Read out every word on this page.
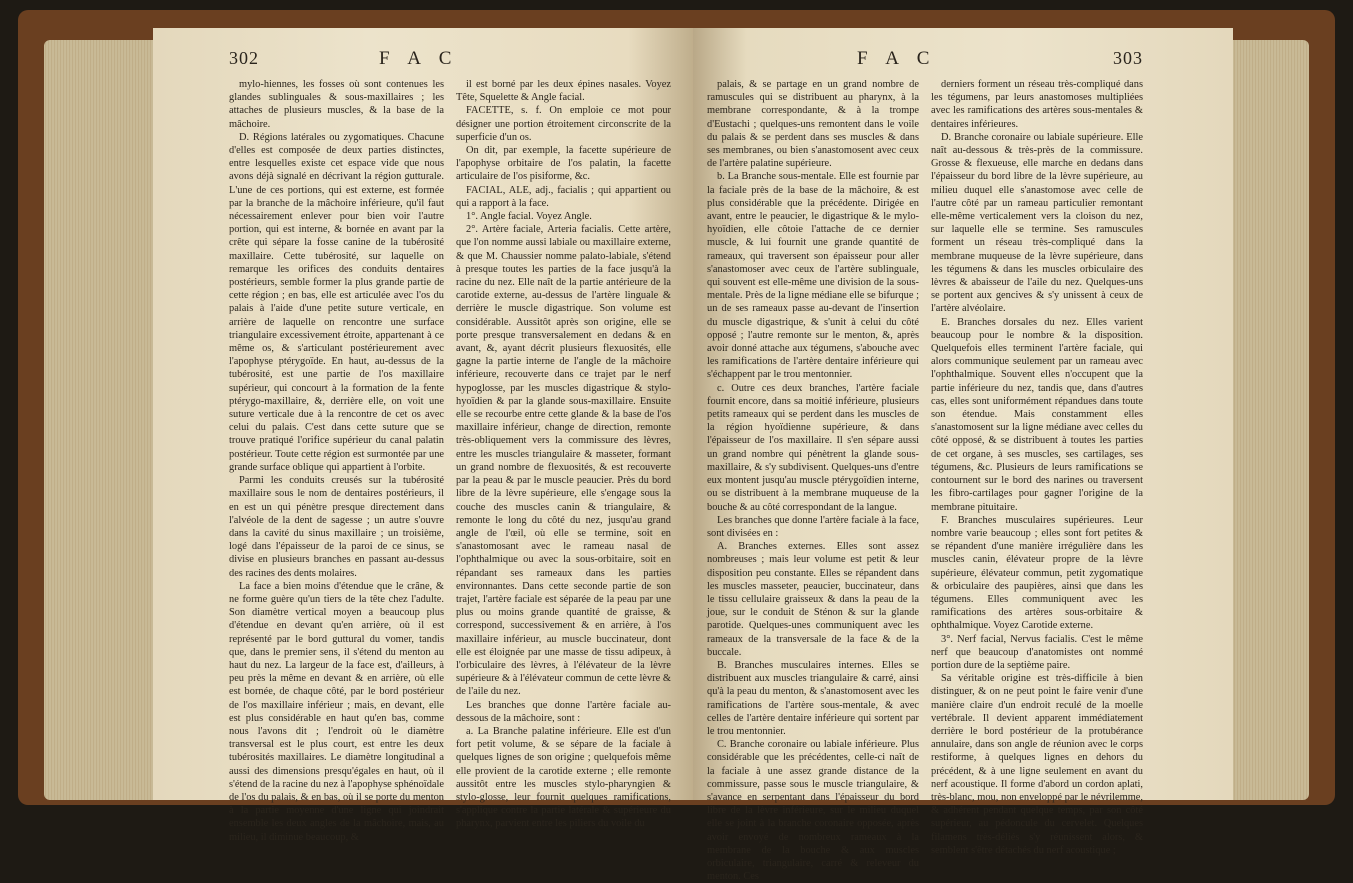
302	F A C

mylo-hiennes, les fosses où sont contenues les glandes sublinguales & sous-maxillaires ; les attaches de plusieurs muscles, & la base de la mâchoire.

D. Régions latérales ou zygomatiques. Chacune d'elles est composée de deux parties distinctes, entre lesquelles existe cet espace vide que nous avons déjà signalé en décrivant la région gutturale. L'une de ces portions, qui est externe, est formée par la branche de la mâchoire inférieure, qu'il faut nécessairement enlever pour bien voir l'autre portion, qui est interne, & bornée en avant par la crête qui sépare la fosse canine de la tubérosité maxillaire. Cette tubérosité, sur laquelle on remarque les orifices des conduits dentaires postérieurs, semble former la plus grande partie de cette région ; en bas, elle est articulée avec l'os du palais à l'aide d'une petite suture verticale, en arrière de laquelle on rencontre une surface triangulaire excessivement étroite, appartenant à ce même os, & s'articulant postérieurement avec l'apophyse ptérygoïde. En haut, au-dessus de la tubérosité, est une partie de l'os maxillaire supérieur, qui concourt à la formation de la fente ptérygo-maxillaire, &, derrière elle, on voit une suture verticale due à la rencontre de cet os avec celui du palais. C'est dans cette suture que se trouve pratiqué l'orifice supérieur du canal palatin postérieur. Toute cette région est surmontée par une grande surface oblique qui appartient à l'orbite.

Parmi les conduits creusés sur la tubérosité maxillaire sous le nom de dentaires postérieurs, il en est un qui pénètre presque directement dans l'alvéole de la dent de sagesse ; un autre s'ouvre dans la cavité du sinus maxillaire ; un troisième, logé dans l'épaisseur de la paroi de ce sinus, se divise en plusieurs branches en passant au-dessus des racines des dents molaires.

La face a bien moins d'étendue que le crâne, & ne forme guère qu'un tiers de la tête chez l'adulte. Son diamètre vertical moyen a beaucoup plus d'étendue en devant qu'en arrière, où il est représenté par le bord guttural du vomer, tandis que, dans le premier sens, il s'étend du menton au haut du nez. La largeur de la face est, d'ailleurs, à peu près la même en devant & en arrière, où elle est bornée, de chaque côté, par le bord postérieur de l'os maxillaire inférieur ; mais, en devant, elle est plus considérable en haut qu'en bas, comme nous l'avons dit ; l'endroit où le diamètre transversal est le plus court, est entre les deux tubérosités maxillaires. Le diamètre longitudinal a aussi des dimensions presqu'égales en haut, où il s'étend de la racine du nez à l'apophyse sphénoïdale de l'os du palais, & en bas, où il se porte du menton à la partie moyenne d'une ligne qui joindrait ensemble les deux angles de la mâchoire, mais, au milieu, il diminue beaucoup, &

il est borné par les deux épines nasales. Voyez Tête, Squelette & Angle facial.

FACETTE, s. f. On emploie ce mot pour désigner une portion étroitement circonscrite de la superficie d'un os.

On dit, par exemple, la facette supérieure de l'apophyse orbitaire de l'os palatin, la facette articulaire de l'os pisiforme, &c.

FACIAL, ALE, adj., facialis ; qui appartient ou qui a rapport à la face.

1°. Angle facial. Voyez Angle.

2°. Artère faciale, Arteria facialis. Cette artère, que l'on nomme aussi labiale ou maxillaire externe, & que M. Chaussier nomme palato-labiale, s'étend à presque toutes les parties de la face jusqu'à la racine du nez. Elle naît de la partie antérieure de la carotide externe, au-dessus de l'artère linguale & derrière le muscle digastrique. Son volume est considérable. Aussitôt après son origine, elle se porte presque transversalement en dedans & en avant, &, ayant décrit plusieurs flexuosités, elle gagne la partie interne de l'angle de la mâchoire inférieure, recouverte dans ce trajet par le nerf hypoglosse, par les muscles digastrique & stylo-hyoïdien & par la glande sous-maxillaire. Ensuite elle se recourbe entre cette glande & la base de l'os maxillaire inférieur, change de direction, remonte très-obliquement vers la commissure des lèvres, entre les muscles triangulaire & masseter, formant un grand nombre de flexuosités, & est recouverte par la peau & par le muscle peaucier. Près du bord libre de la lèvre supérieure, elle s'engage sous la couche des muscles canin & triangulaire, & remonte le long du côté du nez, jusqu'au grand angle de l'œil, où elle se termine, soit en s'anastomosant avec le rameau nasal de l'ophthalmique ou avec la sous-orbitaire, soit en répandant ses rameaux dans les parties environnantes. Dans cette seconde partie de son trajet, l'artère faciale est séparée de la peau par une plus ou moins grande quantité de graisse, & correspond, successivement & en arrière, à l'os maxillaire inférieur, au muscle buccinateur, dont elle est éloignée par une masse de tissu adipeux, à l'orbiculaire des lèvres, à l'élévateur de la lèvre supérieure & à l'élévateur commun de cette lèvre & de l'aile du nez.

Les branches que donne l'artère faciale au-dessous de la mâchoire, sont :

a. La Branche palatine inférieure. Elle est d'un fort petit volume, & se sépare de la faciale à quelques lignes de son origine ; quelquefois même elle provient de la carotide externe ; elle remonte aussitôt entre les muscles stylo-pharyngien & stylo-glosse, leur fournit quelques ramifications, s'applique contre la partie latérale & supérieure du pharynx, parvient entre les piliers du voile du

F A C	303

palais, & se partage en un grand nombre de ramuscules qui se distribuent au pharynx, à la membrane correspondante, & à la trompe d'Eustachi ; quelques-uns remontent dans le voile du palais & se perdent dans ses muscles & dans ses membranes, ou bien s'anastomosent avec ceux de l'artère palatine supérieure.

b. La Branche sous-mentale. Elle est fournie par la faciale près de la base de la mâchoire, & est plus considérable que la précédente. Dirigée en avant, entre le peaucier, le digastrique & le mylo-hyoïdien, elle côtoie l'attache de ce dernier muscle, & lui fournit une grande quantité de rameaux, qui traversent son épaisseur pour aller s'anastomoser avec ceux de l'artère sublinguale, qui souvent est elle-même une division de la sous-mentale. Près de la ligne médiane elle se bifurque ; un de ses rameaux passe au-devant de l'insertion du muscle digastrique, & s'unit à celui du côté opposé ; l'autre remonte sur le menton, &, après avoir donné attache aux tégumens, s'abouche avec les ramifications de l'artère dentaire inférieure qui s'échappent par le trou mentonnier.

c. Outre ces deux branches, l'artère faciale fournit encore, dans sa moitié inférieure, plusieurs petits rameaux qui se perdent dans les muscles de la région hyoïdienne supérieure, & dans l'épaisseur de l'os maxillaire. Il s'en sépare aussi un grand nombre qui pénètrent la glande sous-maxillaire, & s'y subdivisent. Quelques-uns d'entre eux montent jusqu'au muscle ptérygoïdien interne, ou se distribuent à la membrane muqueuse de la bouche & au côté correspondant de la langue.

Les branches que donne l'artère faciale à la face, sont divisées en :

A. Branches externes. Elles sont assez nombreuses ; mais leur volume est petit & leur disposition peu constante. Elles se répandent dans les muscles masseter, peaucier, buccinateur, dans le tissu cellulaire graisseux & dans la peau de la joue, sur le conduit de Sténon & sur la glande parotide. Quelques-unes communiquent avec les rameaux de la transversale de la face & de la buccale.

B. Branches musculaires internes. Elles se distribuent aux muscles triangulaire & carré, ainsi qu'à la peau du menton, & s'anastomosent avec les ramifications de l'artère sous-mentale, & avec celles de l'artère dentaire inférieure qui sortent par le trou mentonnier.

C. Branche coronaire ou labiale inférieure. Plus considérable que les précédentes, celle-ci naît de la faciale à une assez grande distance de la commissure, passe sous le muscle triangulaire, & s'avance en serpentant dans l'épaisseur du bord libre de la lèvre inférieure, sur le milieu duquel elle se joint à la branche coronaire opposée, après avoir envoyé de nombreux rameaux à la membrane de la bouche & aux muscles orbiculaire, triangulaire, carré & releveur du menton. Ces

derniers forment un réseau très-compliqué dans les tégumens, par leurs anastomoses multipliées avec les ramifications des artères sous-mentales & dentaires inférieures.

D. Branche coronaire ou labiale supérieure. Elle naît au-dessous & très-près de la commissure. Grosse & flexueuse, elle marche en dedans dans l'épaisseur du bord libre de la lèvre supérieure, au milieu duquel elle s'anastomose avec celle de l'autre côté par un rameau particulier remontant elle-même verticalement vers la cloison du nez, sur laquelle elle se termine. Ses ramuscules forment un réseau très-compliqué dans la membrane muqueuse de la lèvre supérieure, dans les tégumens & dans les muscles orbiculaire des lèvres & abaisseur de l'aile du nez. Quelques-uns se portent aux gencives & s'y unissent à ceux de l'artère alvéolaire.

E. Branches dorsales du nez. Elles varient beaucoup pour le nombre & la disposition. Quelquefois elles terminent l'artère faciale, qui alors communique seulement par un rameau avec l'ophthalmique. Souvent elles n'occupent que la partie inférieure du nez, tandis que, dans d'autres cas, elles sont uniformément répandues dans toute son étendue. Mais constamment elles s'anastomosent sur la ligne médiane avec celles du côté opposé, & se distribuent à toutes les parties de cet organe, à ses muscles, ses cartilages, ses tégumens, &c. Plusieurs de leurs ramifications se contournent sur le bord des narines ou traversent les fibro-cartilages pour gagner l'origine de la membrane pituitaire.

F. Branches musculaires supérieures. Leur nombre varie beaucoup ; elles sont fort petites & se répandent d'une manière irrégulière dans les muscles canin, élévateur propre de la lèvre supérieure, élévateur commun, petit zygomatique & orbiculaire des paupières, ainsi que dans les tégumens. Elles communiquent avec les ramifications des artères sous-orbitaire & ophthalmique. Voyez Carotide externe.

3°. Nerf facial, Nervus facialis. C'est le même nerf que beaucoup d'anatomistes ont nommé portion dure de la septième paire.

Sa véritable origine est très-difficile à bien distinguer, & on ne peut point le faire venir d'une manière claire d'un endroit reculé de la moelle vertébrale. Il devient apparent immédiatement derrière le bord postérieur de la protubérance annulaire, dans son angle de réunion avec le corps restiforme, à quelques lignes en dehors du précédent, & à une ligne seulement en avant du nerf acoustique. Il forme d'abord un cordon aplati, très-blanc, mou, non enveloppé par le névrilemme, & adhérent pendant quelque temps, par son côté supérieur, au pédoncule du cervelet. Quelques filamens très-déliés s'y réunissent alors, & semblent s'être détachés du nerf acoustique ;
